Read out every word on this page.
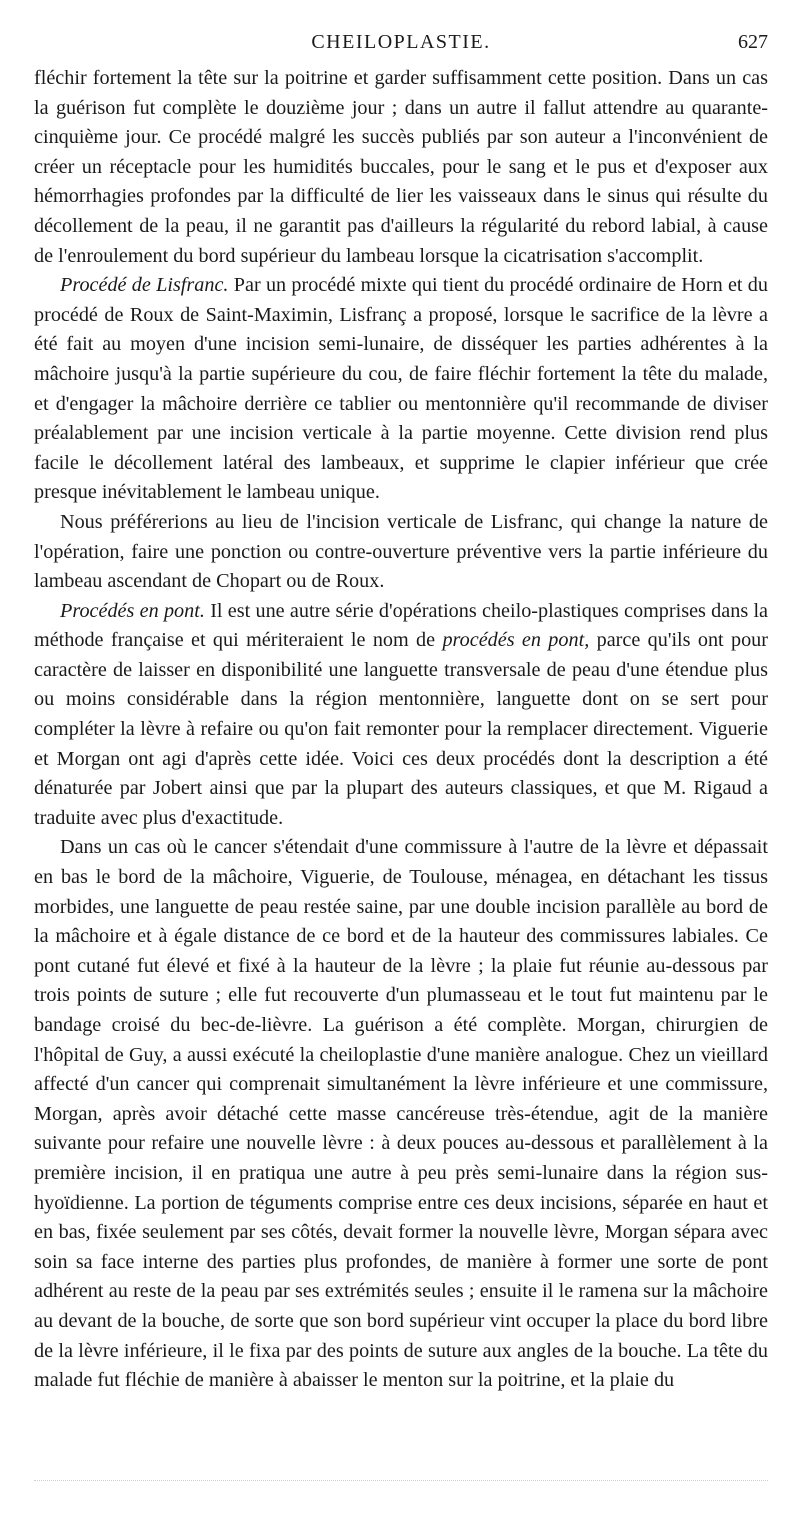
CHEILOPLASTIE.	627

fléchir fortement la tête sur la poitrine et garder suffisamment cette position. Dans un cas la guérison fut complète le douzième jour ; dans un autre il fallut attendre au quarante-cinquième jour. Ce procédé malgré les succès publiés par son auteur a l'inconvénient de créer un réceptacle pour les humidités buccales, pour le sang et le pus et d'exposer aux hémorrhagies profondes par la difficulté de lier les vaisseaux dans le sinus qui résulte du décollement de la peau, il ne garantit pas d'ailleurs la régularité du rebord labial, à cause de l'enroulement du bord supérieur du lambeau lorsque la cicatrisation s'accomplit.

Procédé de Lisfranc. Par un procédé mixte qui tient du procédé ordinaire de Horn et du procédé de Roux de Saint-Maximin, Lisfranç a proposé, lorsque le sacrifice de la lèvre a été fait au moyen d'une incision semi-lunaire, de disséquer les parties adhérentes à la mâchoire jusqu'à la partie supérieure du cou, de faire fléchir fortement la tête du malade, et d'engager la mâchoire derrière ce tablier ou mentonnière qu'il recommande de diviser préalablement par une incision verticale à la partie moyenne. Cette division rend plus facile le décollement latéral des lambeaux, et supprime le clapier inférieur que crée presque inévitablement le lambeau unique.

Nous préférerions au lieu de l'incision verticale de Lisfranc, qui change la nature de l'opération, faire une ponction ou contre-ouverture préventive vers la partie inférieure du lambeau ascendant de Chopart ou de Roux.

Procédés en pont. Il est une autre série d'opérations cheilo-plastiques comprises dans la méthode française et qui mériteraient le nom de procédés en pont, parce qu'ils ont pour caractère de laisser en disponibilité une languette transversale de peau d'une étendue plus ou moins considérable dans la région mentonnière, languette dont on se sert pour compléter la lèvre à refaire ou qu'on fait remonter pour la remplacer directement. Viguerie et Morgan ont agi d'après cette idée. Voici ces deux procédés dont la description a été dénaturée par Jobert ainsi que par la plupart des auteurs classiques, et que M. Rigaud a traduite avec plus d'exactitude.

Dans un cas où le cancer s'étendait d'une commissure à l'autre de la lèvre et dépassait en bas le bord de la mâchoire, Viguerie, de Toulouse, ménagea, en détachant les tissus morbides, une languette de peau restée saine, par une double incision parallèle au bord de la mâchoire et à égale distance de ce bord et de la hauteur des commissures labiales. Ce pont cutané fut élevé et fixé à la hauteur de la lèvre ; la plaie fut réunie au-dessous par trois points de suture ; elle fut recouverte d'un plumasseau et le tout fut maintenu par le bandage croisé du bec-de-lièvre. La guérison a été complète. Morgan, chirurgien de l'hôpital de Guy, a aussi exécuté la cheiloplastie d'une manière analogue. Chez un vieillard affecté d'un cancer qui comprenait simultanément la lèvre inférieure et une commissure, Morgan, après avoir détaché cette masse cancéreuse très-étendue, agit de la manière suivante pour refaire une nouvelle lèvre : à deux pouces au-dessous et parallèlement à la première incision, il en pratiqua une autre à peu près semi-lunaire dans la région sus-hyoïdienne. La portion de téguments comprise entre ces deux incisions, séparée en haut et en bas, fixée seulement par ses côtés, devait former la nouvelle lèvre, Morgan sépara avec soin sa face interne des parties plus profondes, de manière à former une sorte de pont adhérent au reste de la peau par ses extrémités seules ; ensuite il le ramena sur la mâchoire au devant de la bouche, de sorte que son bord supérieur vint occuper la place du bord libre de la lèvre inférieure, il le fixa par des points de suture aux angles de la bouche. La tête du malade fut fléchie de manière à abaisser le menton sur la poitrine, et la plaie du
